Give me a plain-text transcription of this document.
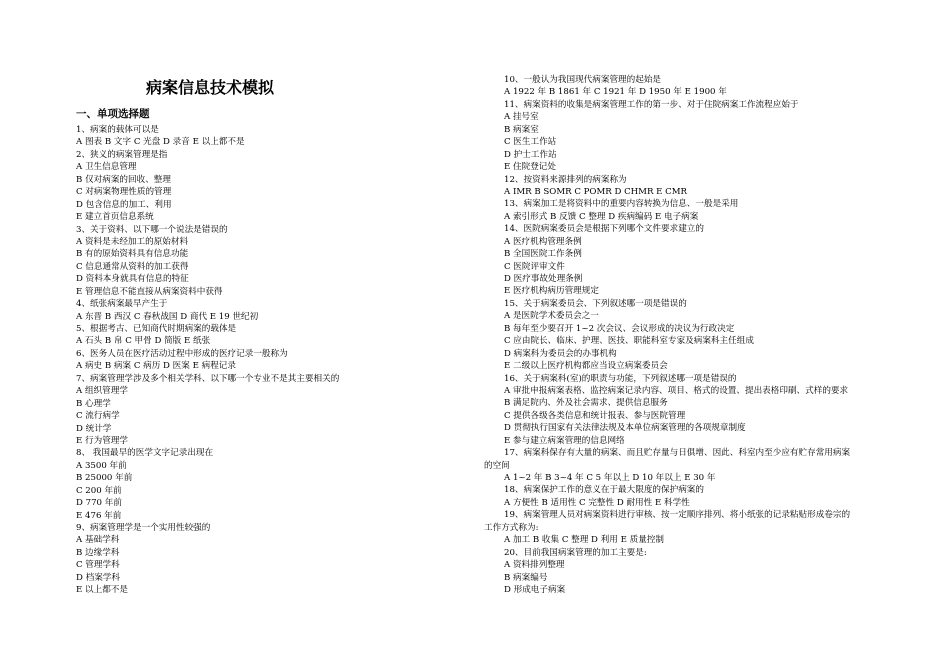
病案信息技术模拟
一、单项选择题
1、病案的载体可以是
A 图表 B 文字 C 光盘 D 录音 E 以上都不是
2、狭义的病案管理是指
A 卫生信息管理
B 仅对病案的回收、整理
C 对病案物理性质的管理
D 包含信息的加工、利用
E 建立首页信息系统
3、关于资料、以下哪一个说法是错误的
A 资料是未经加工的原始材料
B 有的原始资料具有信息功能
C 信息通常从资料的加工获得
D 资料本身就具有信息的特征
E 管理信息不能直接从病案资料中获得
4、纸张病案最早产生于
A 东晋 B 西汉 C 春秋战国 D 商代 E 19 世纪初
5、根据考古、已知商代时期病案的载体是
A 石头 B 帛 C 甲骨 D 简版 E 纸张
6、医务人员在医疗活动过程中形成的医疗记录一般称为
A 病史 B 病案 C 病历 D 医案 E 病程记录
7、病案管理学涉及多个相关学科、以下哪一个专业不是其主要相关的
A 组织管理学
B 心理学
C 流行病学
D 统计学
E 行为管理学
8、 我国最早的医学文字记录出现在
A 3500 年前
B 25000 年前
C 200 年前
D 770 年前
E 476 年前
9、病案管理学是一个实用性较强的
A 基础学科
B 边缘学科
C 管理学科
D 档案学科
E 以上都不是
10、一般认为我国现代病案管理的起始是
A 1922 年 B 1861 年 C 1921 年 D 1950 年 E 1900 年
11、病案资料的收集是病案管理工作的第一步、对于住院病案工作流程应始于
A 挂号室
B 病案室
C 医生工作站
D 护士工作站
E 住院登记处
12、按资料来源排列的病案称为
A IMR B SOMR C POMR D CHMR E CMR
13、病案加工是将资料中的重要内容转换为信息、一般是采用
A 索引形式 B 反馈 C 整理 D 疾病编码 E 电子病案
14、医院病案委员会是根据下列哪个文件要求建立的
A 医疗机构管理条例
B 全国医院工作条例
C 医院评审文件
D 医疗事故处理条例
E 医疗机构病历管理规定
15、关于病案委员会、下列叙述哪一项是错误的
A 是医院学术委员会之一
B 每年至少要召开 1~2 次会议、会议形成的决议为行政决定
C 应由院长、临床、护理、医技、职能科室专家及病案科主任组成
D 病案科为委员会的办事机构
E 二级以上医疗机构都应当设立病案委员会
16、关于病案科(室)的职责与功能，下列叙述哪一项是错误的
A 审批申报病案表格、监控病案记录内容、项目、格式的设置、提出表格印刷、式样的要求
B 满足院内、外及社会需求、提供信息服务
C 提供各级各类信息和统计报表、参与医院管理
D 贯彻执行国家有关法律法规及本单位病案管理的各项规章制度
E 参与建立病案管理的信息网络
17、病案科保存有大量的病案、而且贮存量与日俱增、因此、科室内至少应有贮存常用病案
的空间
A 1~2 年 B 3~4 年 C 5 年以上 D 10 年以上 E 30 年
18、病案保护工作的意义在于最大限度的保护病案的
A 方便性 B 适用性 C 完整性 D 耐用性 E 科学性
19、病案管理人员对病案资料进行审核、按一定顺序排列、将小纸张的记录粘贴形成卷宗的
工作方式称为:
A 加工 B 收集 C 整理 D 利用 E 质量控制
20、目前我国病案管理的加工主要是:
A 资料排列整理
B 病案编号
D 形成电子病案
